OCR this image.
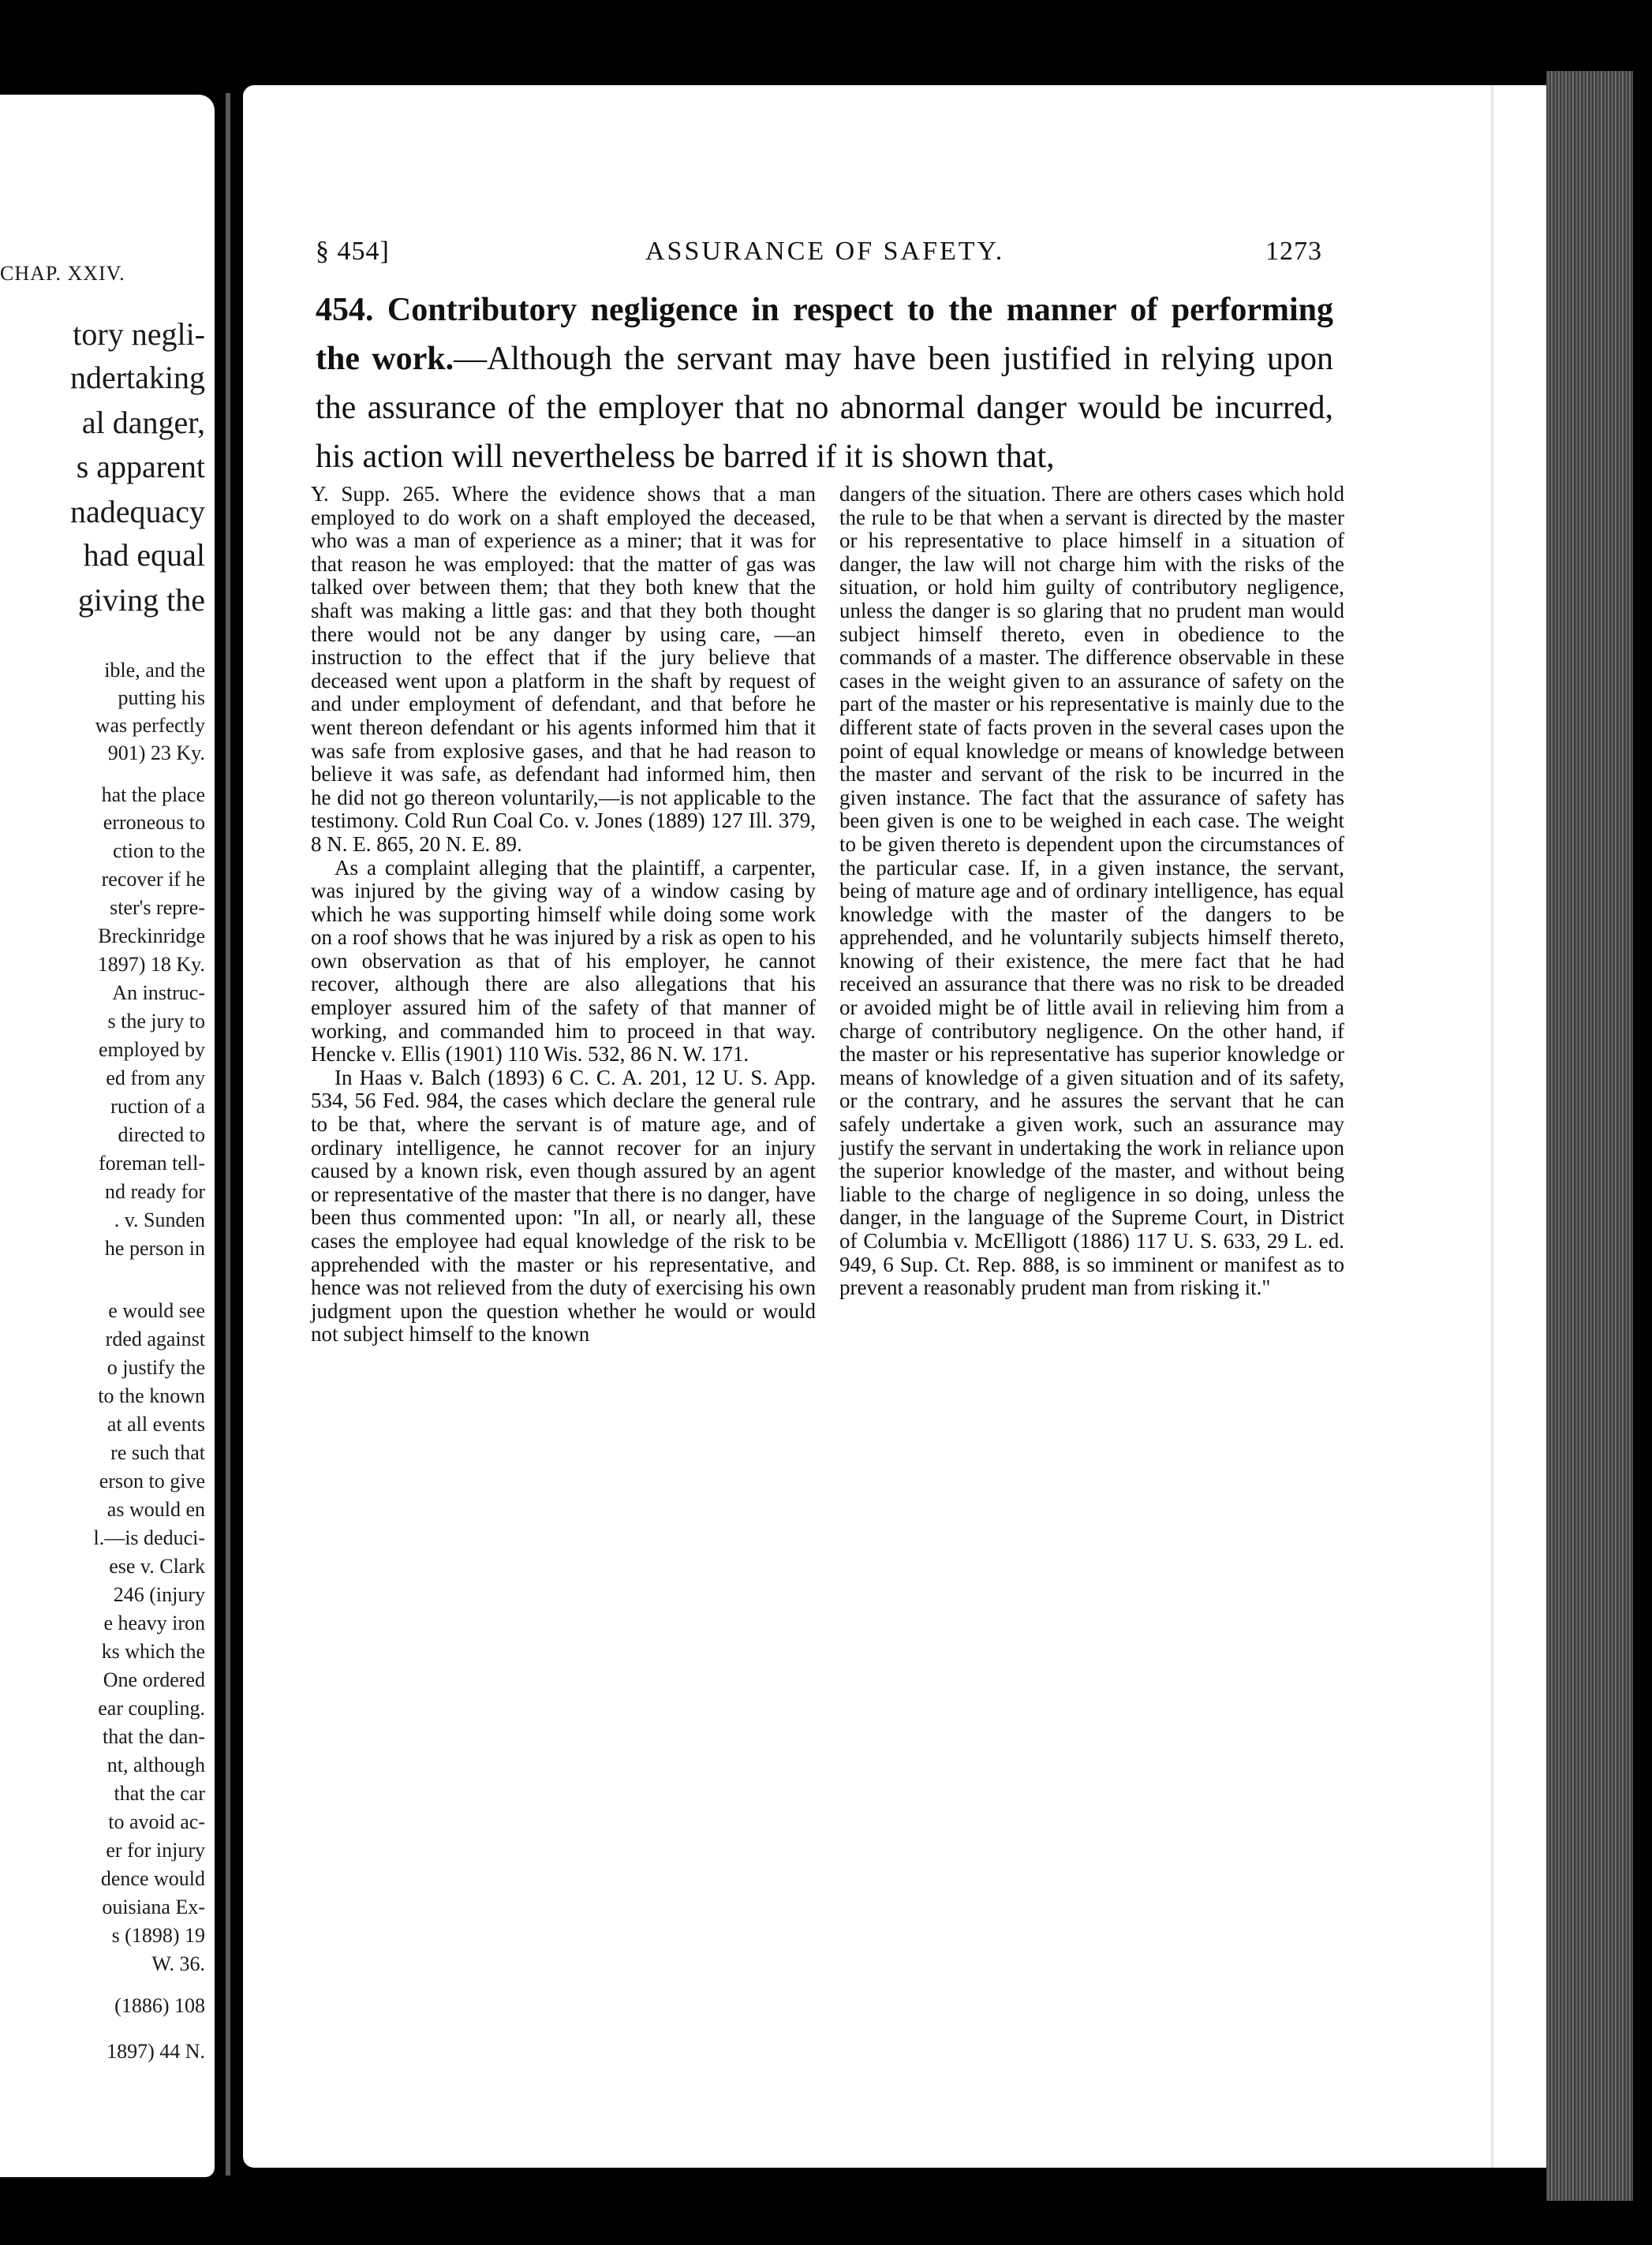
CHAP. XXIV.
tory negli-
ndertaking
al danger,
s apparent
nadequacy
had equal
giving the
ible, and the
putting his
was perfectly
901) 23 Ky.
hat the place
erroneous to
ction to the
recover if he
ster's repre-
Breckinridge
1897) 18 Ky.
An instruc-
s the jury to
employed by
ed from any
ruction of a
directed to
foreman tell-
nd ready for
. v. Sunden
he person in
e would see
rded against
o justify the
to the known
at all events
re such that
erson to give
as would en
l.—is deduci-
ese v. Clark
246 (injury
e heavy iron
ks which the
One ordered
ear coupling.
that the dan-
nt, although
that the car
to avoid ac-
er for injury
dence would
ouisiana Ex-
s (1898) 19
W. 36.
(1886) 108
1897) 44 N.
§ 454]	ASSURANCE OF SAFETY.	1273
454. Contributory negligence in respect to the manner of performing the work.—Although the servant may have been justified in relying upon the assurance of the employer that no abnormal danger would be incurred, his action will nevertheless be barred if it is shown that,

Y. Supp. 265. Where the evidence shows that a man employed to do work on a shaft employed the deceased, who was a man of experience as a miner; that it was for that reason he was employed: that the matter of gas was talked over between them; that they both knew that the shaft was making a little gas: and that they both thought there would not be any danger by using care, —an instruction to the effect that if the jury believe that deceased went upon a platform in the shaft by request of and under employment of defendant, and that before he went thereon defendant or his agents informed him that it was safe from explosive gases, and that he had reason to believe it was safe, as defendant had informed him, then he did not go thereon voluntarily,—is not applicable to the testimony. Cold Run Coal Co. v. Jones (1889) 127 Ill. 379, 8 N. E. 865, 20 N. E. 89.

As a complaint alleging that the plaintiff, a carpenter, was injured by the giving way of a window casing by which he was supporting himself while doing some work on a roof shows that he was injured by a risk as open to his own observation as that of his employer, he cannot recover, although there are also allegations that his employer assured him of the safety of that manner of working, and commanded him to proceed in that way. Hencke v. Ellis (1901) 110 Wis. 532, 86 N. W. 171.

In Haas v. Balch (1893) 6 C. C. A. 201, 12 U. S. App. 534, 56 Fed. 984, the cases which declare the general rule to be that, where the servant is of mature age, and of ordinary intelligence, he cannot recover for an injury caused by a known risk, even though assured by an agent or representative of the master that there is no danger, have been thus commented upon: "In all, or nearly all, these cases the employee had equal knowledge of the risk to be apprehended with the master or his representative, and hence was not relieved from the duty of exercising his own judgment upon the question whether he would or would not subject himself to the known

dangers of the situation. There are others cases which hold the rule to be that when a servant is directed by the master or his representative to place himself in a situation of danger, the law will not charge him with the risks of the situation, or hold him guilty of contributory negligence, unless the danger is so glaring that no prudent man would subject himself thereto, even in obedience to the commands of a master. The difference observable in these cases in the weight given to an assurance of safety on the part of the master or his representative is mainly due to the different state of facts proven in the several cases upon the point of equal knowledge or means of knowledge between the master and servant of the risk to be incurred in the given instance. The fact that the assurance of safety has been given is one to be weighed in each case. The weight to be given thereto is dependent upon the circumstances of the particular case. If, in a given instance, the servant, being of mature age and of ordinary intelligence, has equal knowledge with the master of the dangers to be apprehended, and he voluntarily subjects himself thereto, knowing of their existence, the mere fact that he had received an assurance that there was no risk to be dreaded or avoided might be of little avail in relieving him from a charge of contributory negligence. On the other hand, if the master or his representative has superior knowledge or means of knowledge of a given situation and of its safety, or the contrary, and he assures the servant that he can safely undertake a given work, such an assurance may justify the servant in undertaking the work in reliance upon the superior knowledge of the master, and without being liable to the charge of negligence in so doing, unless the danger, in the language of the Supreme Court, in District of Columbia v. McElligott (1886) 117 U. S. 633, 29 L. ed. 949, 6 Sup. Ct. Rep. 888, is so imminent or manifest as to prevent a reasonably prudent man from risking it."
